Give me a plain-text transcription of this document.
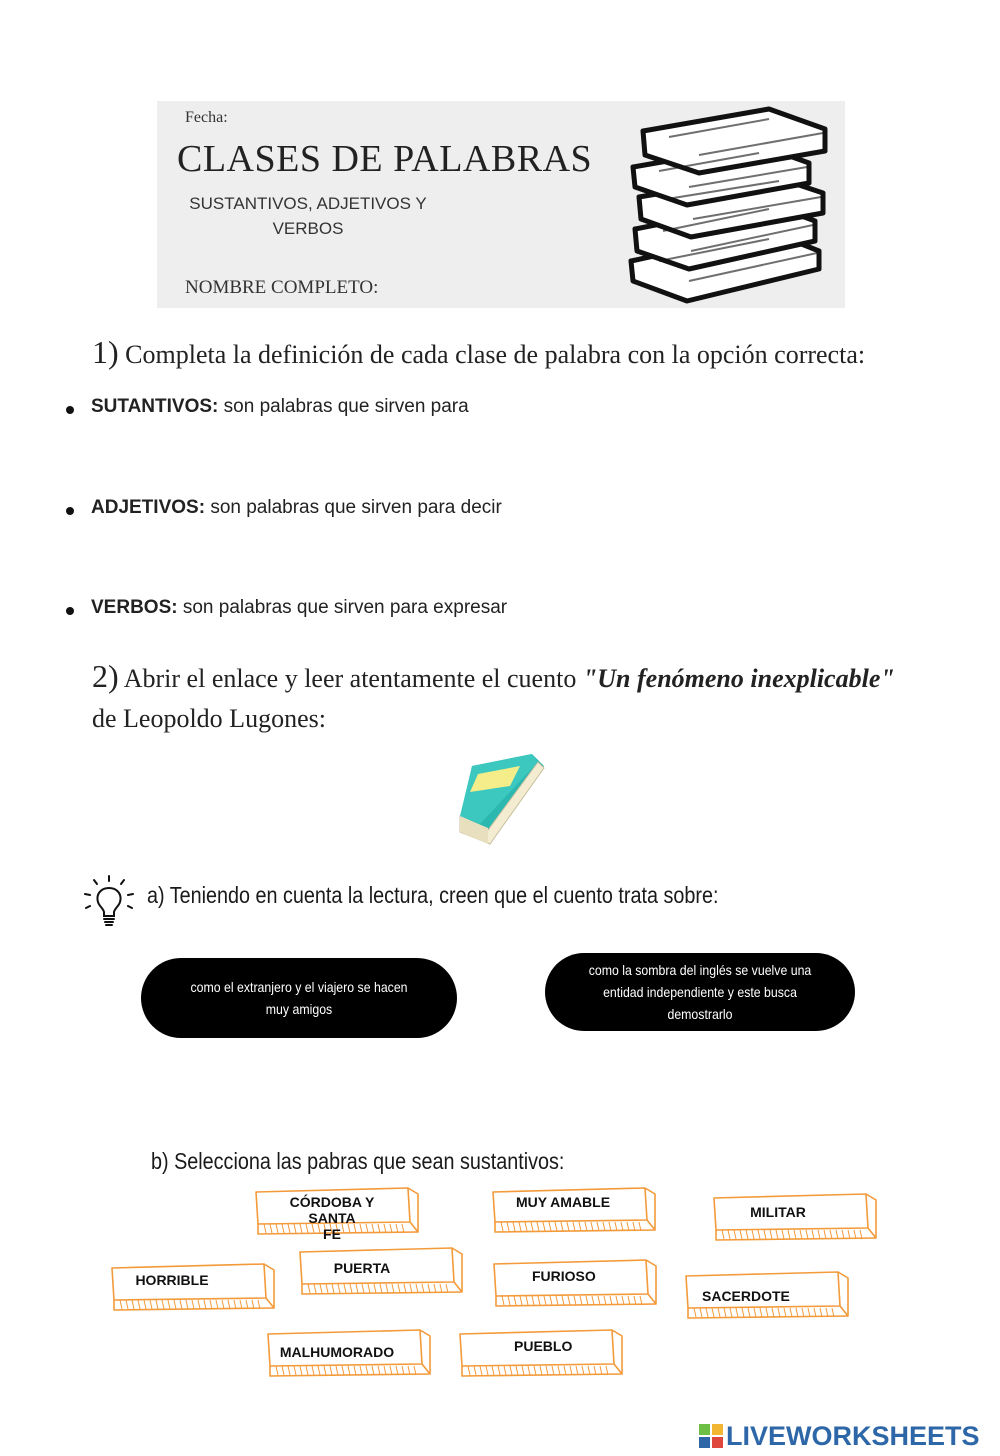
Fecha:
CLASES DE PALABRAS
SUSTANTIVOS, ADJETIVOS Y
VERBOS
NOMBRE COMPLETO:
1) Completa la definición de cada clase de palabra con la opción correcta:
SUTANTIVOS: son palabras que sirven para
ADJETIVOS: son palabras que sirven para decir
VERBOS: son palabras que sirven para expresar
2) Abrir el enlace y leer atentamente el cuento "Un fenómeno inexplicable"
de Leopoldo Lugones:
a) Teniendo en cuenta la lectura, creen que el cuento trata sobre:
como el extranjero y el viajero se hacen muy amigos
como la sombra del inglés se vuelve una entidad independiente y este busca demostrarlo
b) Selecciona las pabras que sean sustantivos:
CÓRDOBA Y SANTA
FE
MUY AMABLE
MILITAR
HORRIBLE
PUERTA	FURIOSO
SACERDOTE
MALHUMORADO	PUEBLO
LIVEWORKSHEETS
